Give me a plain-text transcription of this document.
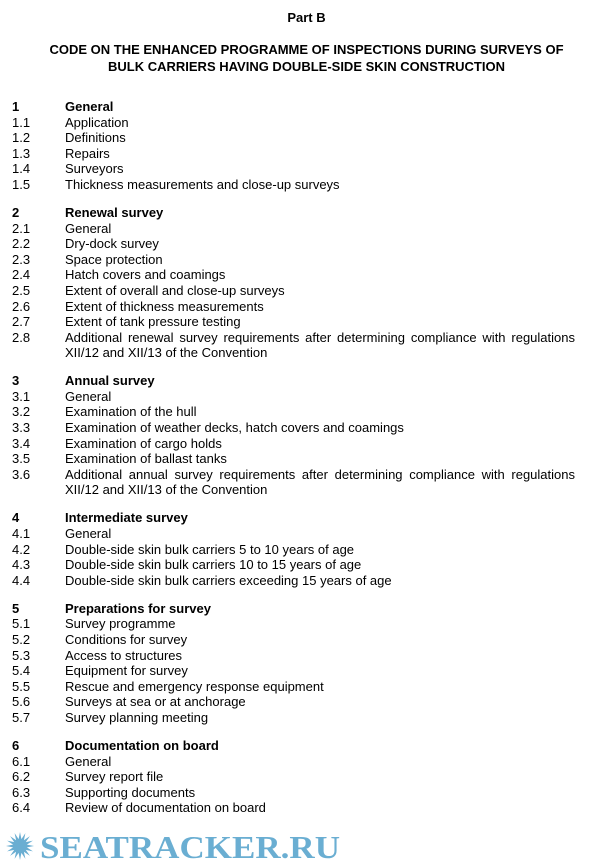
Part B
CODE ON THE ENHANCED PROGRAMME OF INSPECTIONS DURING SURVEYS OF
BULK CARRIERS HAVING DOUBLE-SIDE SKIN CONSTRUCTION
1	General
1.1	Application
1.2	Definitions
1.3	Repairs
1.4	Surveyors
1.5	Thickness measurements and close-up surveys
2	Renewal survey
2.1	General
2.2	Dry-dock survey
2.3	Space protection
2.4	Hatch covers and coamings
2.5	Extent of overall and close-up surveys
2.6	Extent of thickness measurements
2.7	Extent of tank pressure testing
2.8	Additional renewal survey requirements after determining compliance with regulations XII/12 and XII/13 of the Convention
3	Annual survey
3.1	General
3.2	Examination of the hull
3.3	Examination of weather decks, hatch covers and coamings
3.4	Examination of cargo holds
3.5	Examination of ballast tanks
3.6	Additional annual survey requirements after determining compliance with regulations XII/12 and XII/13 of the Convention
4	Intermediate survey
4.1	General
4.2	Double-side skin bulk carriers 5 to 10 years of age
4.3	Double-side skin bulk carriers 10 to 15 years of age
4.4	Double-side skin bulk carriers exceeding 15 years of age
5	Preparations for survey
5.1	Survey programme
5.2	Conditions for survey
5.3	Access to structures
5.4	Equipment for survey
5.5	Rescue and emergency response equipment
5.6	Surveys at sea or at anchorage
5.7	Survey planning meeting
6	Documentation on board
6.1	General
6.2	Survey report file
6.3	Supporting documents
6.4	Review of documentation on board
SEATRACKER.RU
